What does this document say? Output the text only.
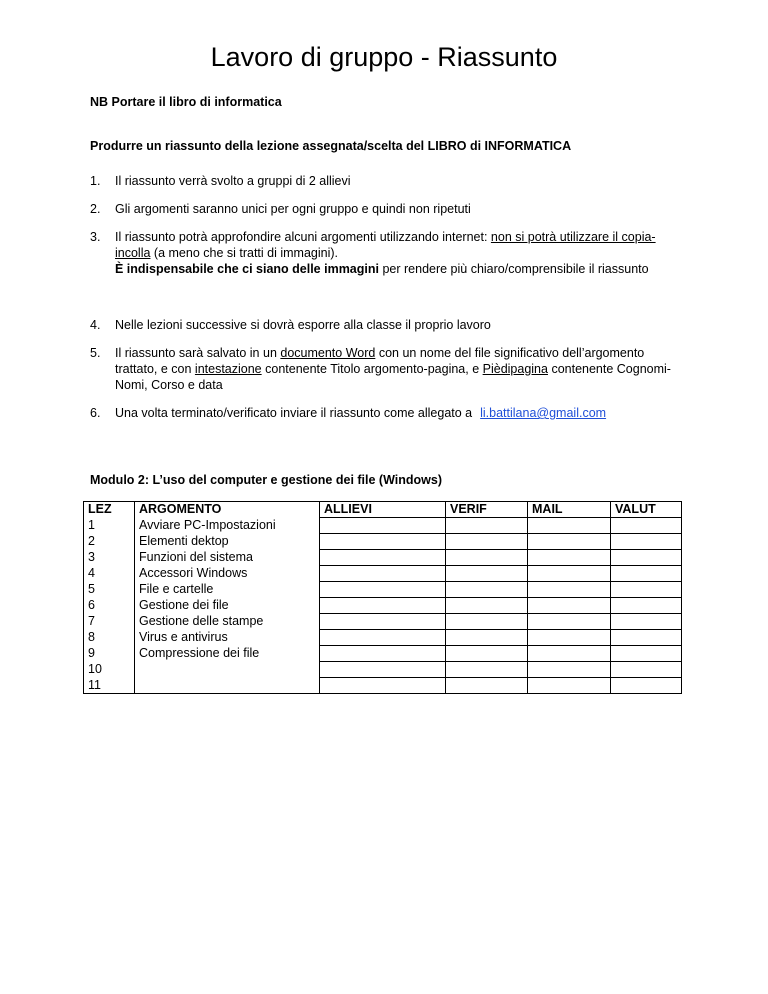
Lavoro di gruppo - Riassunto
NB Portare il libro di informatica
Produrre un riassunto della lezione assegnata/scelta del LIBRO di INFORMATICA
1. Il riassunto verrà svolto a gruppi di 2 allievi
2. Gli argomenti saranno unici per ogni gruppo e quindi non ripetuti
3. Il riassunto potrà approfondire alcuni argomenti utilizzando internet: non si potrà utilizzare il copia-incolla (a meno che si tratti di immagini).
È indispensabile che ci siano delle immagini per rendere più chiaro/comprensibile il riassunto
4. Nelle lezioni successive si dovrà esporre alla classe il proprio lavoro
5. Il riassunto sarà salvato in un documento Word con un nome del file significativo dell’argomento trattato, e con intestazione contenente Titolo argomento-pagina, e Piѐdipagina contenente Cognomi-Nomi, Corso e data
6. Una volta terminato/verificato inviare il riassunto come allegato a li.battilana@gmail.com
Modulo 2: L’uso del computer e gestione dei file (Windows)
LEZ	ARGOMENTO	ALLIEVI	VERIF	MAIL	VALUT
1	Avviare PC-Impostazioni				
2	Elementi dektop				
3	Funzioni del sistema				
4	Accessori Windows				
5	File e cartelle				
6	Gestione dei file				
7	Gestione delle stampe				
8	Virus e antivirus				
9	Compressione dei file				
10					
11					
